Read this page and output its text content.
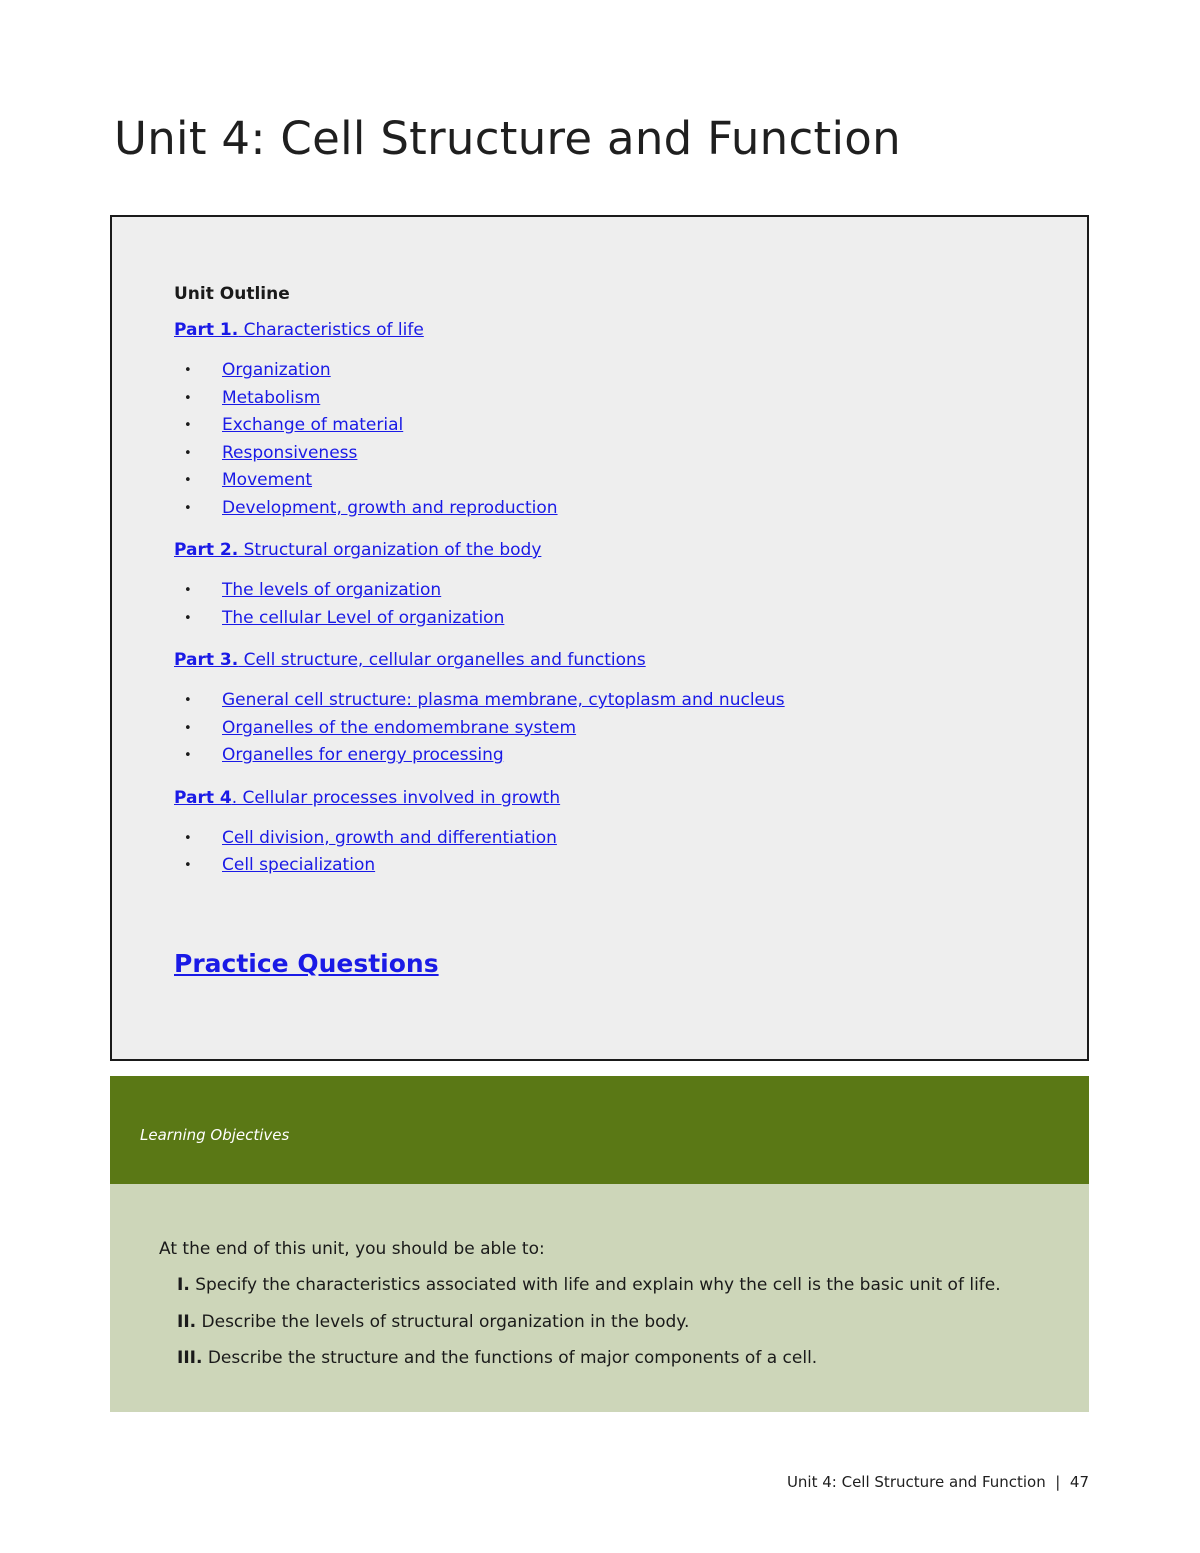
Unit 4: Cell Structure and Function

Unit Outline

Part 1. Characteristics of life

• Organization
• Metabolism
• Exchange of material
• Responsiveness
• Movement
• Development, growth and reproduction

Part 2. Structural organization of the body

• The levels of organization
• The cellular Level of organization

Part 3. Cell structure, cellular organelles and functions

• General cell structure: plasma membrane, cytoplasm and nucleus
• Organelles of the endomembrane system
• Organelles for energy processing

Part 4. Cellular processes involved in growth

• Cell division, growth and differentiation
• Cell specialization
Practice Questions
Learning Objectives

At the end of this unit, you should be able to:

I. Specify the characteristics associated with life and explain why the cell is the basic unit of life.
II. Describe the levels of structural organization in the body.
III. Describe the structure and the functions of major components of a cell.
Unit 4: Cell Structure and Function | 47
